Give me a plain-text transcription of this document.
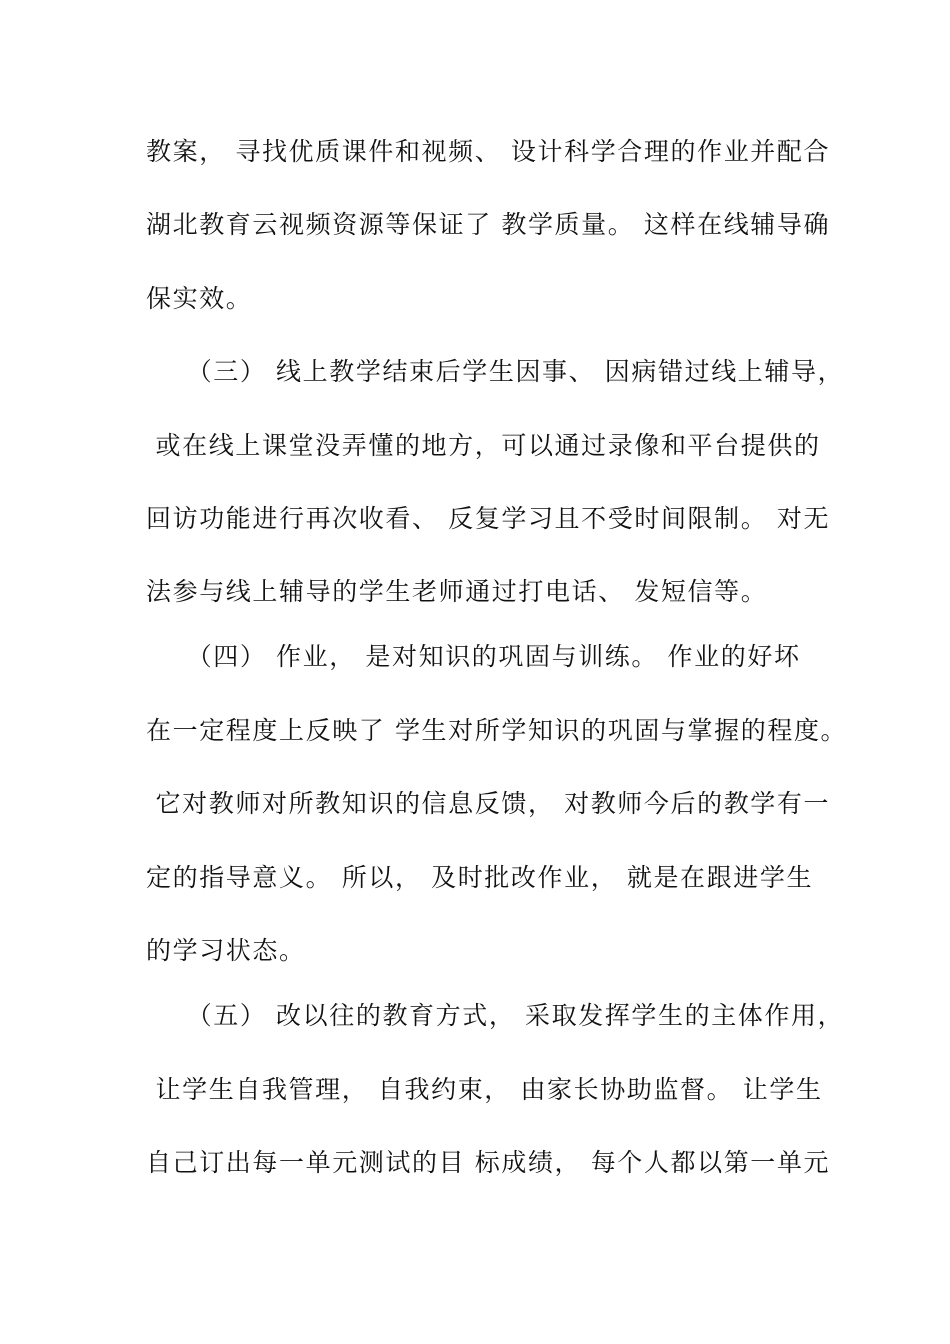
教案， 寻找优质课件和视频、 设计科学合理的作业并配合
湖北教育云视频资源等保证了 教学质量。 这样在线辅导确
保实效。
　　（三） 线上教学结束后学生因事、 因病错过线上辅导，
或在线上课堂没弄懂的地方，可以通过录像和平台提供的
回访功能进行再次收看、 反复学习且不受时间限制。 对无
法参与线上辅导的学生老师通过打电话、 发短信等。
　　（四） 作业， 是对知识的巩固与训练。 作业的好坏
在一定程度上反映了 学生对所学知识的巩固与掌握的程度。
它对教师对所教知识的信息反馈， 对教师今后的教学有一
定的指导意义。 所以， 及时批改作业， 就是在跟进学生
的学习状态。
　　（五） 改以往的教育方式， 采取发挥学生的主体作用，
让学生自我管理， 自我约束， 由家长协助监督。 让学生
自己订出每一单元测试的目 标成绩， 每个人都以第一单元
